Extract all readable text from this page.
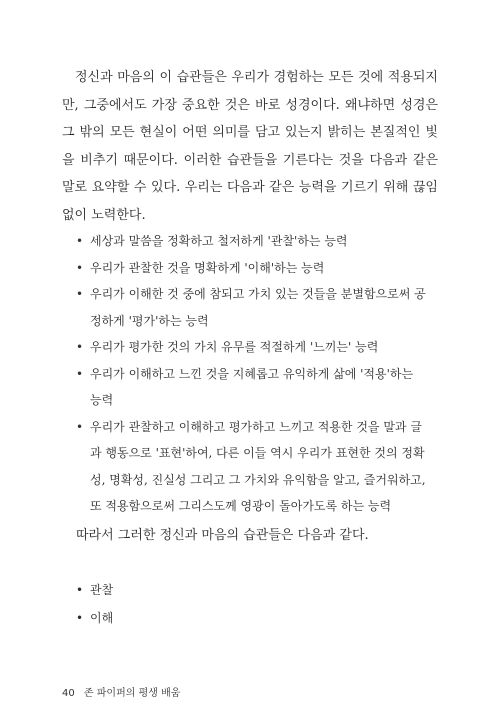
정신과 마음의 이 습관들은 우리가 경험하는 모든 것에 적용되지만, 그중에서도 가장 중요한 것은 바로 성경이다. 왜냐하면 성경은 그 밖의 모든 현실이 어떤 의미를 담고 있는지 밝히는 본질적인 빛을 비추기 때문이다. 이러한 습관들을 기른다는 것을 다음과 같은 말로 요약할 수 있다. 우리는 다음과 같은 능력을 기르기 위해 끊임없이 노력한다.

• 세상과 말씀을 정확하고 철저하게 '관찰'하는 능력
• 우리가 관찰한 것을 명확하게 '이해'하는 능력
• 우리가 이해한 것 중에 참되고 가치 있는 것들을 분별함으로써 공정하게 '평가'하는 능력
• 우리가 평가한 것의 가치 유무를 적절하게 '느끼는' 능력
• 우리가 이해하고 느낀 것을 지혜롭고 유익하게 삶에 '적용'하는 능력
• 우리가 관찰하고 이해하고 평가하고 느끼고 적용한 것을 말과 글과 행동으로 '표현'하여, 다른 이들 역시 우리가 표현한 것의 정확성, 명확성, 진실성 그리고 그 가치와 유익함을 알고, 즐거워하고, 또 적용함으로써 그리스도께 영광이 돌아가도록 하는 능력

따라서 그러한 정신과 마음의 습관들은 다음과 같다.

• 관찰
• 이해
40 존 파이퍼의 평생 배움
